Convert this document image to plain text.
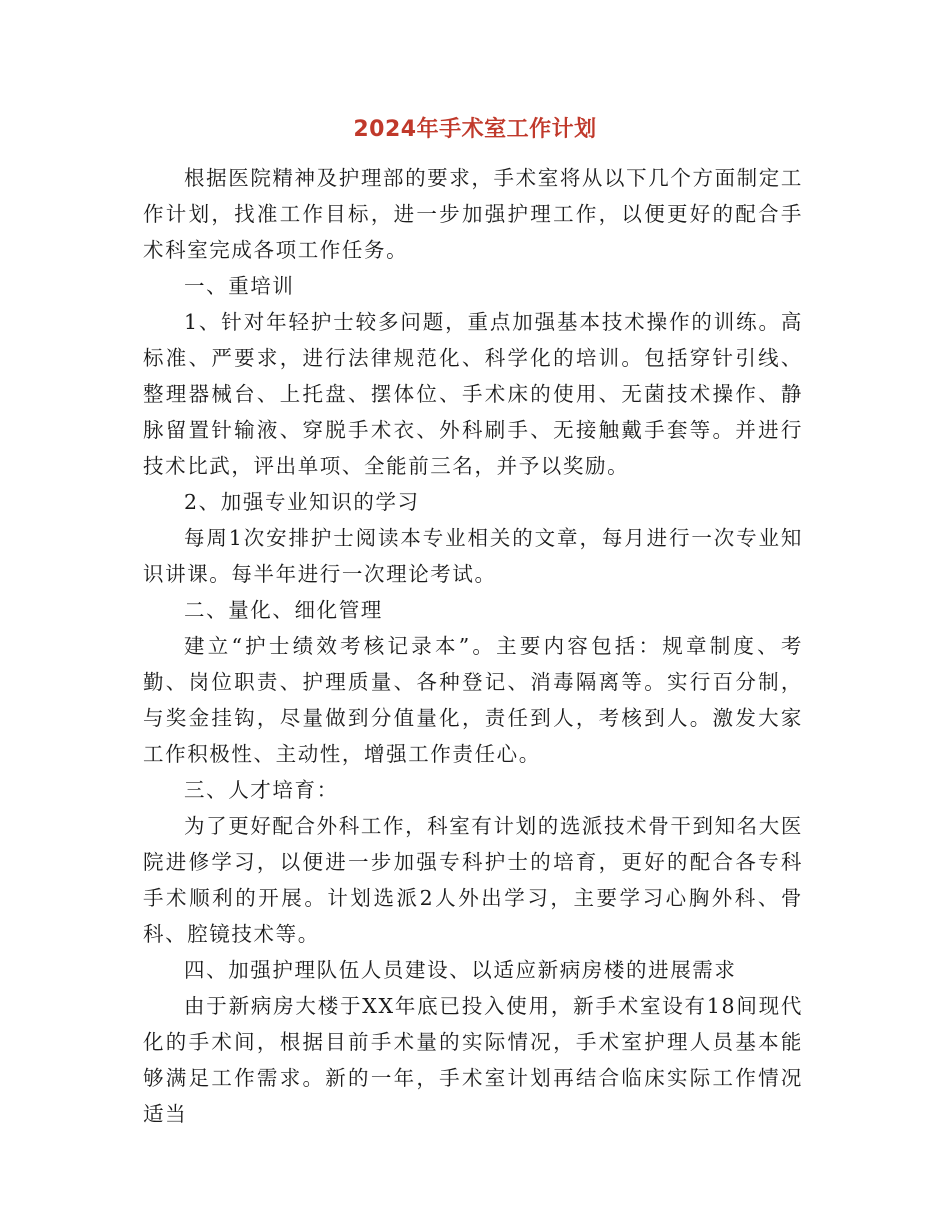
2024年手术室工作计划

根据医院精神及护理部的要求，手术室将从以下几个方面制定工作计划，找准工作目标，进一步加强护理工作，以便更好的配合手术科室完成各项工作任务。

一、重培训

1、针对年轻护士较多问题，重点加强基本技术操作的训练。高标准、严要求，进行法律规范化、科学化的培训。包括穿针引线、整理器械台、上托盘、摆体位、手术床的使用、无菌技术操作、静脉留置针输液、穿脱手术衣、外科刷手、无接触戴手套等。并进行技术比武，评出单项、全能前三名，并予以奖励。

2、加强专业知识的学习

每周1次安排护士阅读本专业相关的文章，每月进行一次专业知识讲课。每半年进行一次理论考试。

二、量化、细化管理

建立“护士绩效考核记录本”。主要内容包括：规章制度、考勤、岗位职责、护理质量、各种登记、消毒隔离等。实行百分制，与奖金挂钩，尽量做到分值量化，责任到人，考核到人。激发大家工作积极性、主动性，增强工作责任心。

三、人才培育：

为了更好配合外科工作，科室有计划的选派技术骨干到知名大医院进修学习，以便进一步加强专科护士的培育，更好的配合各专科手术顺利的开展。计划选派2人外出学习，主要学习心胸外科、骨科、腔镜技术等。

四、加强护理队伍人员建设、以适应新病房楼的进展需求

由于新病房大楼于XX年底已投入使用，新手术室设有18间现代化的手术间，根据目前手术量的实际情况，手术室护理人员基本能够满足工作需求。新的一年，手术室计划再结合临床实际工作情况适当
